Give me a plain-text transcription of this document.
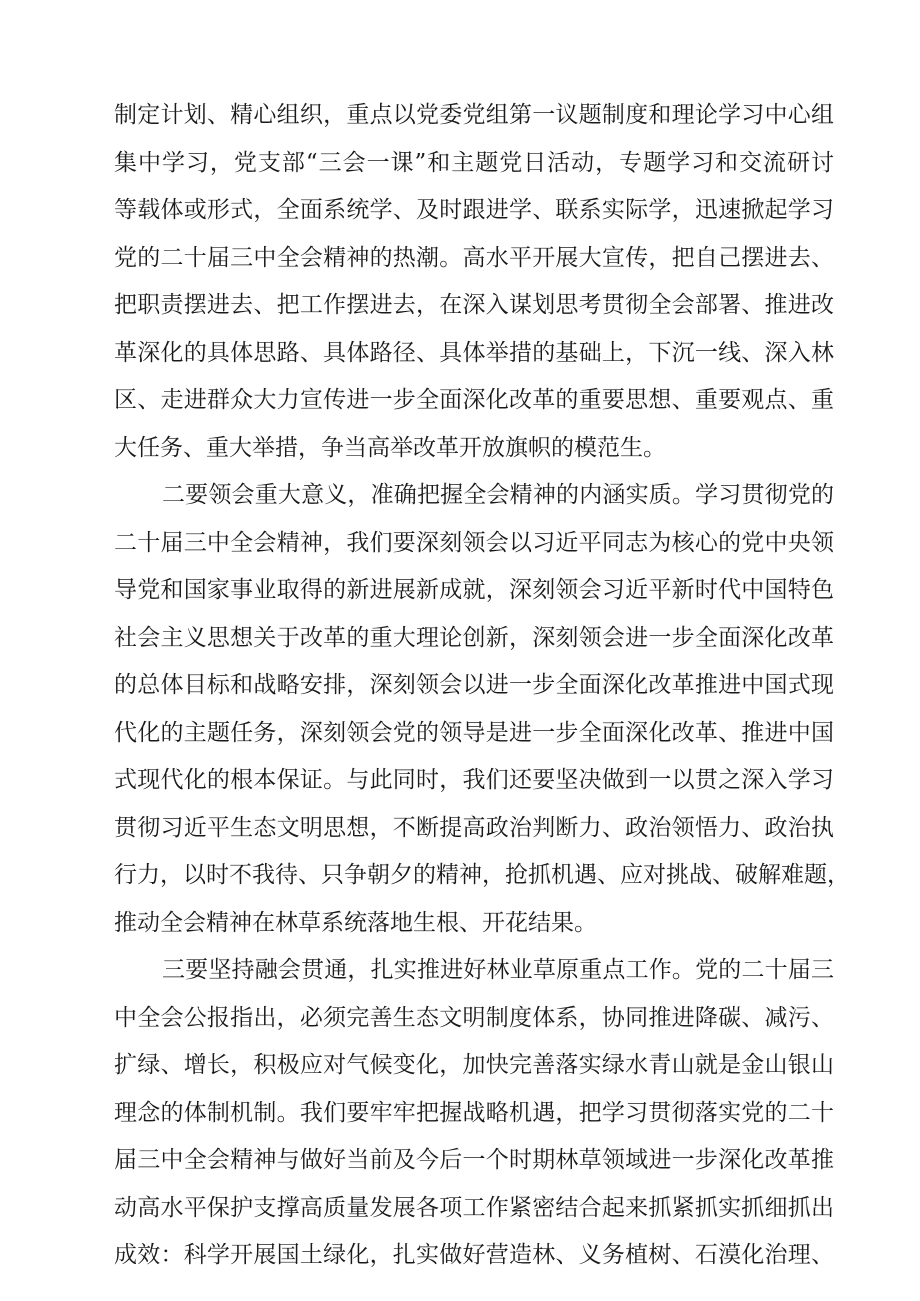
制定计划、精心组织，重点以党委党组第一议题制度和理论学习中心组
集中学习，党支部“三会一课”和主题党日活动，专题学习和交流研讨
等载体或形式，全面系统学、及时跟进学、联系实际学，迅速掀起学习
党的二十届三中全会精神的热潮。高水平开展大宣传，把自己摆进去、
把职责摆进去、把工作摆进去，在深入谋划思考贯彻全会部署、推进改
革深化的具体思路、具体路径、具体举措的基础上，下沉一线、深入林
区、走进群众大力宣传进一步全面深化改革的重要思想、重要观点、重
大任务、重大举措，争当高举改革开放旗帜的模范生。
二要领会重大意义，准确把握全会精神的内涵实质。学习贯彻党的
二十届三中全会精神，我们要深刻领会以习近平同志为核心的党中央领
导党和国家事业取得的新进展新成就，深刻领会习近平新时代中国特色
社会主义思想关于改革的重大理论创新，深刻领会进一步全面深化改革
的总体目标和战略安排，深刻领会以进一步全面深化改革推进中国式现
代化的主题任务，深刻领会党的领导是进一步全面深化改革、推进中国
式现代化的根本保证。与此同时，我们还要坚决做到一以贯之深入学习
贯彻习近平生态文明思想，不断提高政治判断力、政治领悟力、政治执
行力，以时不我待、只争朝夕的精神，抢抓机遇、应对挑战、破解难题，
推动全会精神在林草系统落地生根、开花结果。
三要坚持融会贯通，扎实推进好林业草原重点工作。党的二十届三
中全会公报指出，必须完善生态文明制度体系，协同推进降碳、减污、
扩绿、增长，积极应对气候变化，加快完善落实绿水青山就是金山银山
理念的体制机制。我们要牢牢把握战略机遇，把学习贯彻落实党的二十
届三中全会精神与做好当前及今后一个时期林草领域进一步深化改革推
动高水平保护支撑高质量发展各项工作紧密结合起来抓紧抓实抓细抓出
成效：科学开展国土绿化，扎实做好营造林、义务植树、石漠化治理、
